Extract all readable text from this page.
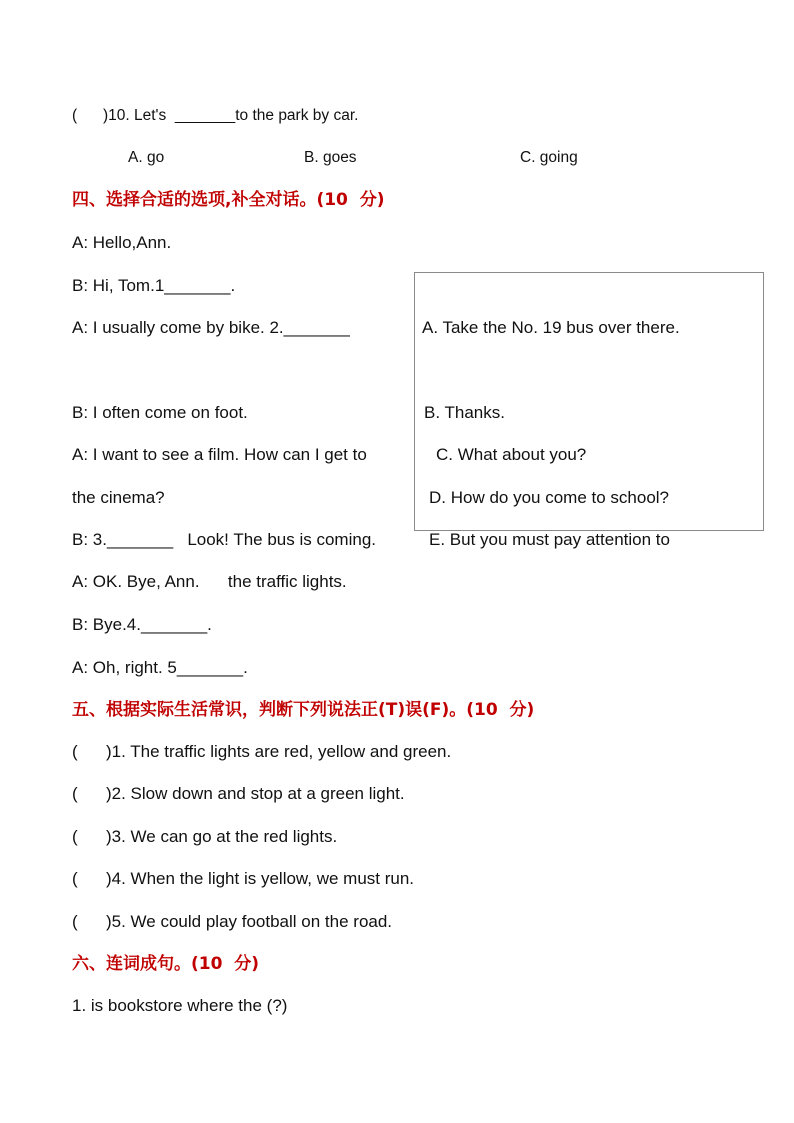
(      )10. Let's  _______to the park by car.
A. go	B. goes	C. going
四、选择合适的选项,补全对话。(10  分)
A: Hello,Ann.
B: Hi, Tom.1_______.
A: I usually come by bike. 2._______
B: I often come on foot.
A: I want to see a film. How can I get to
the cinema?
B: 3._______   Look! The bus is coming.
A: OK. Bye, Ann.      the traffic lights.
B: Bye.4._______.
A: Oh, right. 5_______.
A. Take the No. 19 bus over there.
B. Thanks.
C. What about you?
D. How do you come to school?
E. But you must pay attention to
五、根据实际生活常识，判断下列说法正(T)误(F)。(10  分)
(      )1. The traffic lights are red, yellow and green.
(      )2. Slow down and stop at a green light.
(      )3. We can go at the red lights.
(      )4. When the light is yellow, we must run.
(      )5. We could play football on the road.
六、连词成句。(10  分)
1. is bookstore where the (?)
